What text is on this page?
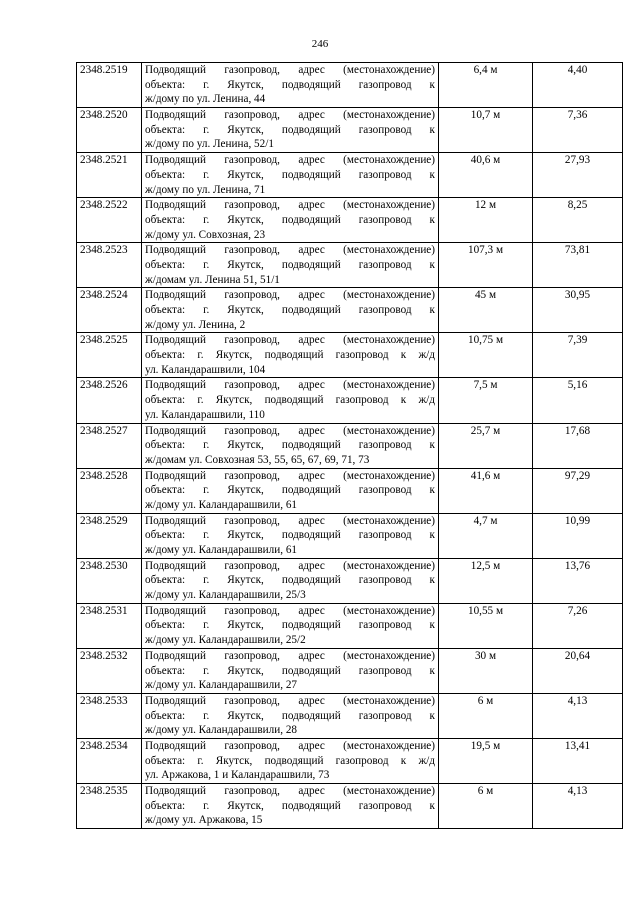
246
2348.2519	Подводящий газопровод, адрес (местонахождение)
объекта: г. Якутск, подводящий газопровод к
ж/дому по ул. Ленина, 44	6,4 м	4,40
2348.2520	Подводящий газопровод, адрес (местонахождение)
объекта: г. Якутск, подводящий газопровод к
ж/дому по ул. Ленина, 52/1	10,7 м	7,36
2348.2521	Подводящий газопровод, адрес (местонахождение)
объекта: г. Якутск, подводящий газопровод к
ж/дому по ул. Ленина, 71	40,6 м	27,93
2348.2522	Подводящий газопровод, адрес (местонахождение)
объекта: г. Якутск, подводящий газопровод к
ж/дому ул. Совхозная, 23	12 м	8,25
2348.2523	Подводящий газопровод, адрес (местонахождение)
объекта: г. Якутск, подводящий газопровод к
ж/домам ул. Ленина 51, 51/1	107,3 м	73,81
2348.2524	Подводящий газопровод, адрес (местонахождение)
объекта: г. Якутск, подводящий газопровод к
ж/дому ул. Ленина, 2	45 м	30,95
2348.2525	Подводящий газопровод, адрес (местонахождение)
объекта: г. Якутск, подводящий газопровод к ж/д
ул. Каландарашвили, 104	10,75 м	7,39
2348.2526	Подводящий газопровод, адрес (местонахождение)
объекта: г. Якутск, подводящий газопровод к ж/д
ул. Каландарашвили, 110	7,5 м	5,16
2348.2527	Подводящий газопровод, адрес (местонахождение)
объекта: г. Якутск, подводящий газопровод к
ж/домам ул. Совхозная 53, 55, 65, 67, 69, 71, 73	25,7 м	17,68
2348.2528	Подводящий газопровод, адрес (местонахождение)
объекта: г. Якутск, подводящий газопровод к
ж/дому ул. Каландарашвили, 61	41,6 м	97,29
2348.2529	Подводящий газопровод, адрес (местонахождение)
объекта: г. Якутск, подводящий газопровод к
ж/дому ул. Каландарашвили, 61	4,7 м	10,99
2348.2530	Подводящий газопровод, адрес (местонахождение)
объекта: г. Якутск, подводящий газопровод к
ж/дому ул. Каландарашвили, 25/3	12,5 м	13,76
2348.2531	Подводящий газопровод, адрес (местонахождение)
объекта: г. Якутск, подводящий газопровод к
ж/дому ул. Каландарашвили, 25/2	10,55 м	7,26
2348.2532	Подводящий газопровод, адрес (местонахождение)
объекта: г. Якутск, подводящий газопровод к
ж/дому ул. Каландарашвили, 27	30 м	20,64
2348.2533	Подводящий газопровод, адрес (местонахождение)
объекта: г. Якутск, подводящий газопровод к
ж/дому ул. Каландарашвили, 28	6 м	4,13
2348.2534	Подводящий газопровод, адрес (местонахождение)
объекта: г. Якутск, подводящий газопровод к ж/д
ул. Аржакова, 1 и Каландарашвили, 73	19,5 м	13,41
2348.2535	Подводящий газопровод, адрес (местонахождение)
объекта: г. Якутск, подводящий газопровод к
ж/дому ул. Аржакова, 15	6 м	4,13
